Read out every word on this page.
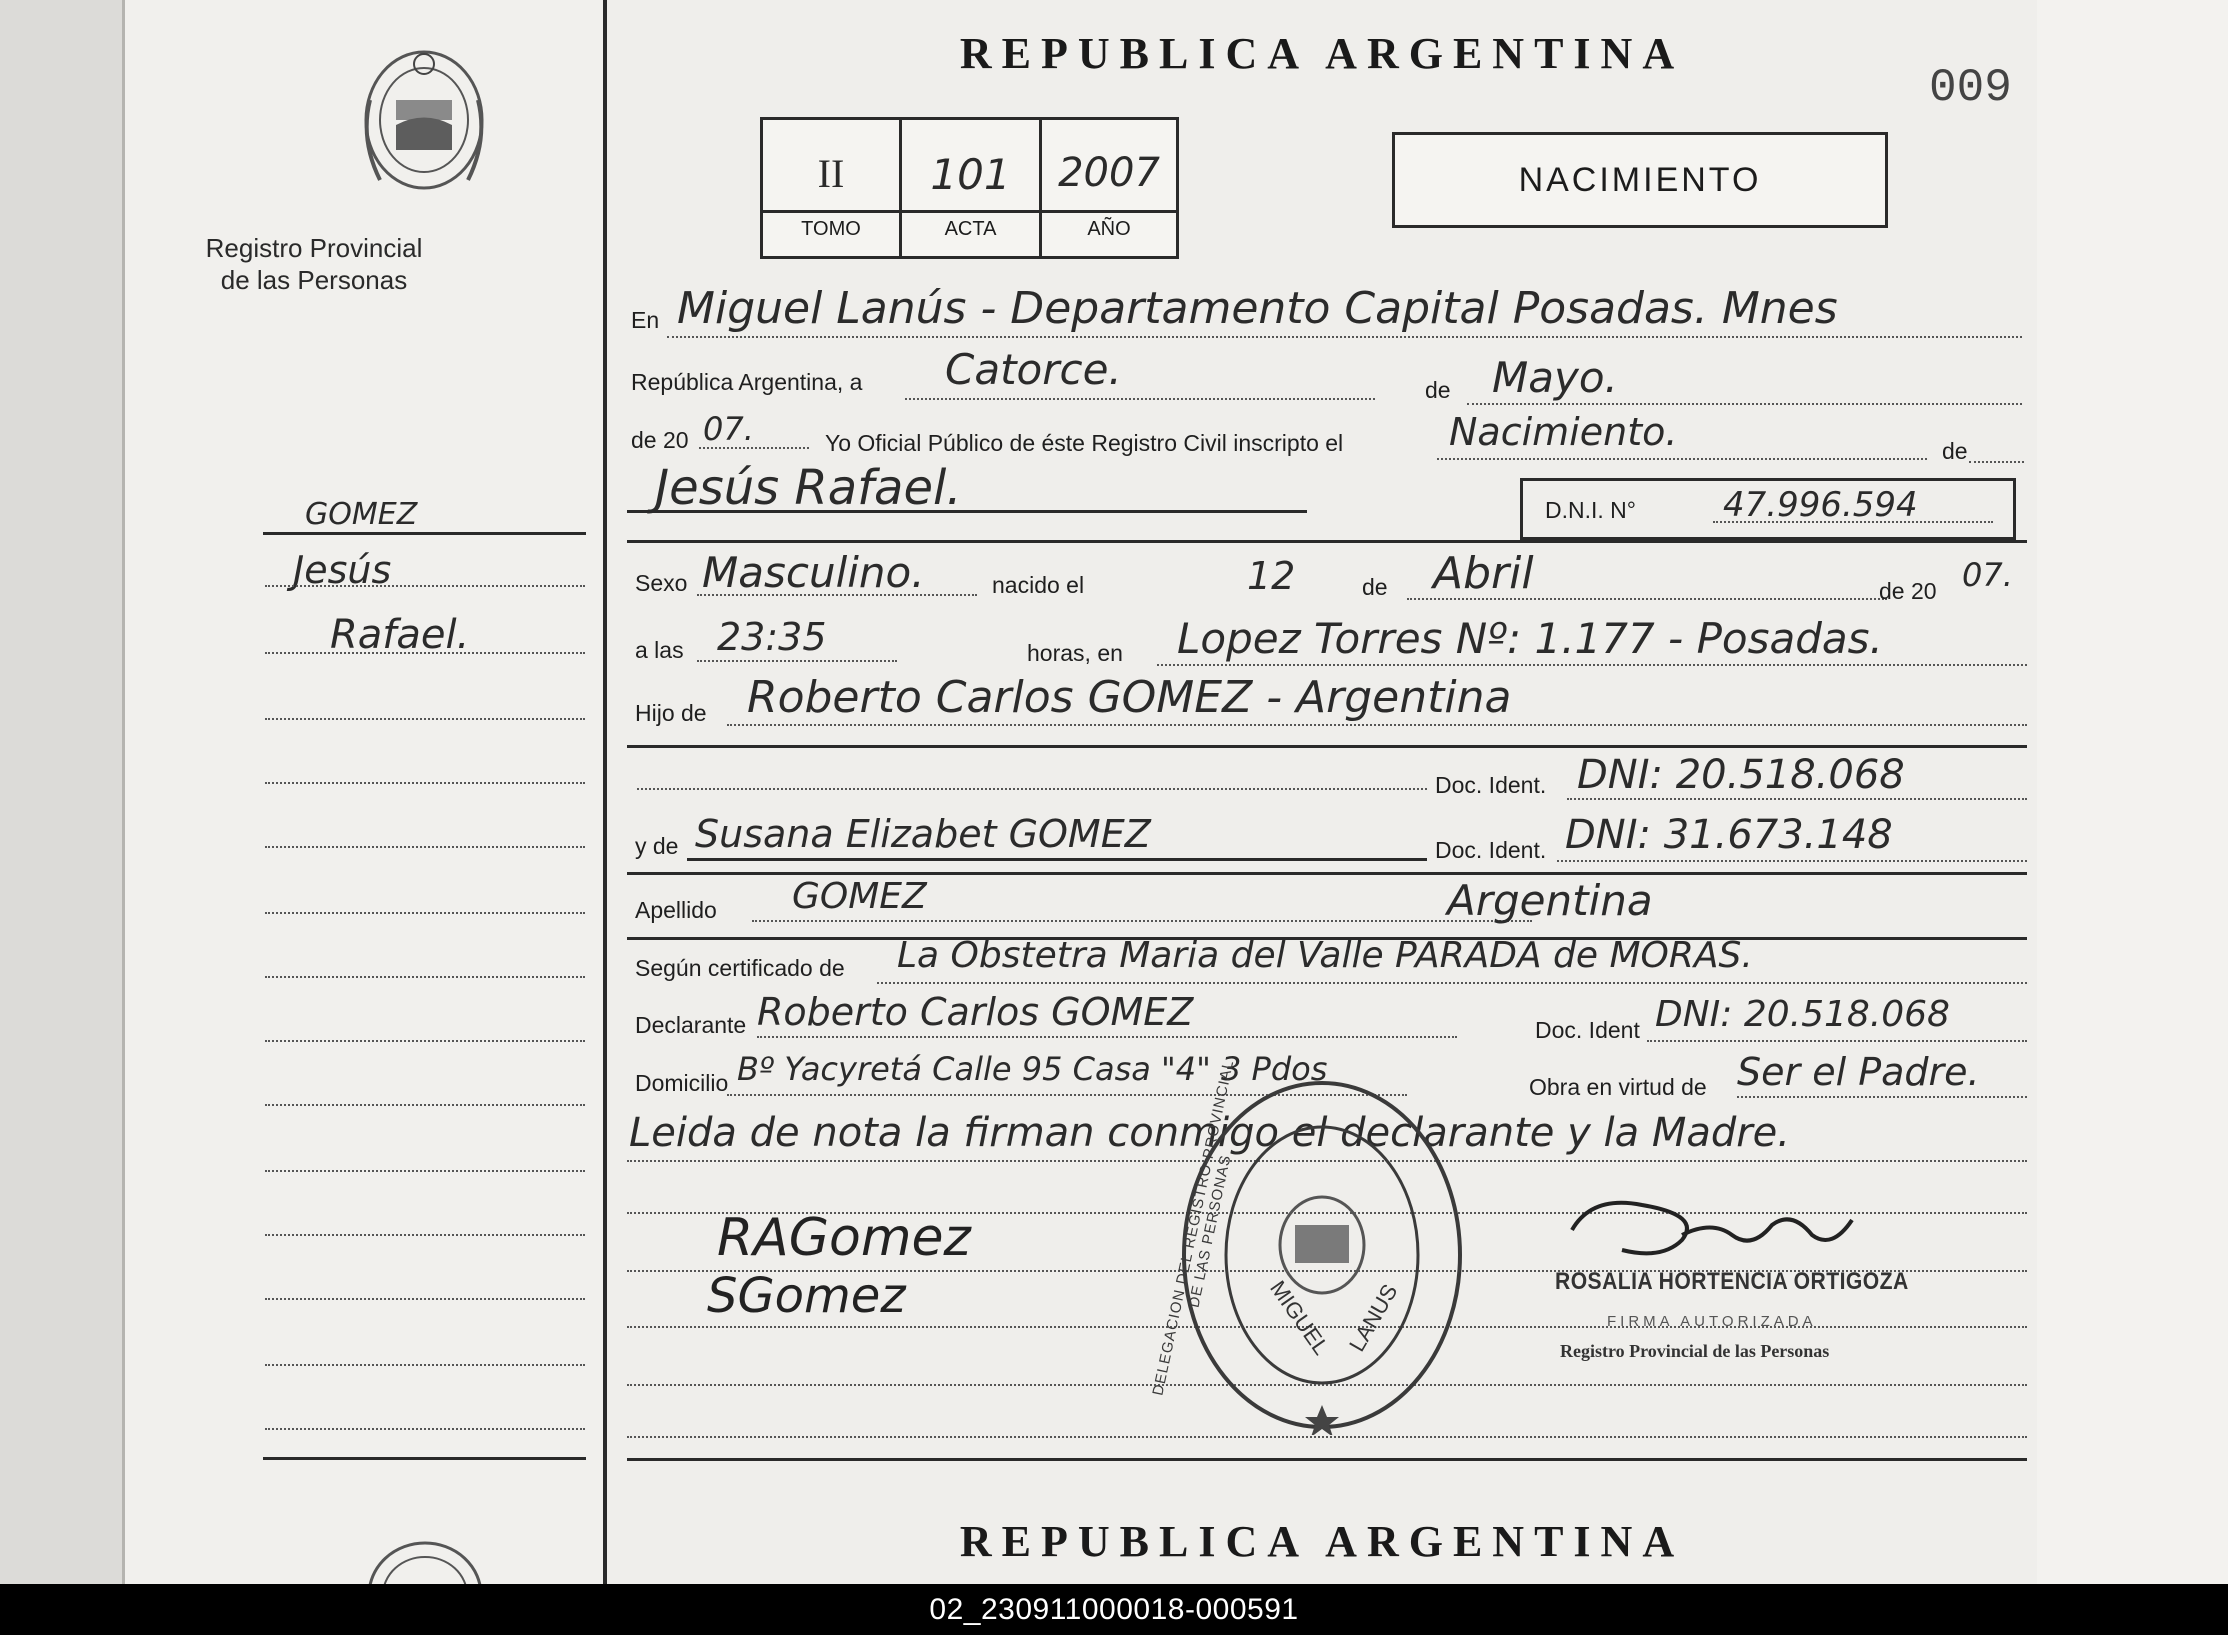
Registro Provincial
de las Personas
GOMEZ
Jesús
Rafael.
REPUBLICA ARGENTINA
II	101	2007
TOMO	ACTA	AÑO
NACIMIENTO
009
En Miguel Lanús - Departamento Capital Posadas. Mnes
República Argentina, a Catorce.	de Mayo.
de 20 07.	Yo Oficial Público de éste Registro Civil inscripto el	Nacimiento.	de
Jesús Rafael.	D.N.I. N°	47.996.594
Sexo Masculino.	nacido el	12	de Abril	de 20 07.
a las 23:35	horas, en Lopez Torres Nº: 1.177 - Posadas.
Hijo de Roberto Carlos GOMEZ - Argentina
Doc. Ident. DNI: 20.518.068
y de Susana Elizabet GOMEZ	Doc. Ident. DNI: 31.673.148
Apellido GOMEZ	Argentina
Según certificado de La Obstetra Maria del Valle PARADA de MORAS.
Declarante Roberto Carlos GOMEZ	Doc. Ident DNI: 20.518.068
Domicilio Bº Yacyretá Calle 95 Casa "4" 3 Pdos	Obra en virtud de Ser el Padre.
Leida de nota la firman conmigo el declarante y la Madre.
RAGomez
SGomez	MIGUEL LANUS
DELEGACION DEL REGISTRO PROVINCIAL DE LAS PERSONAS	ROSALIA HORTENCIA ORTIGOZA
FIRMA AUTORIZADA
Registro Provincial de las Personas
REPUBLICA ARGENTINA
02_230911000018-000591
